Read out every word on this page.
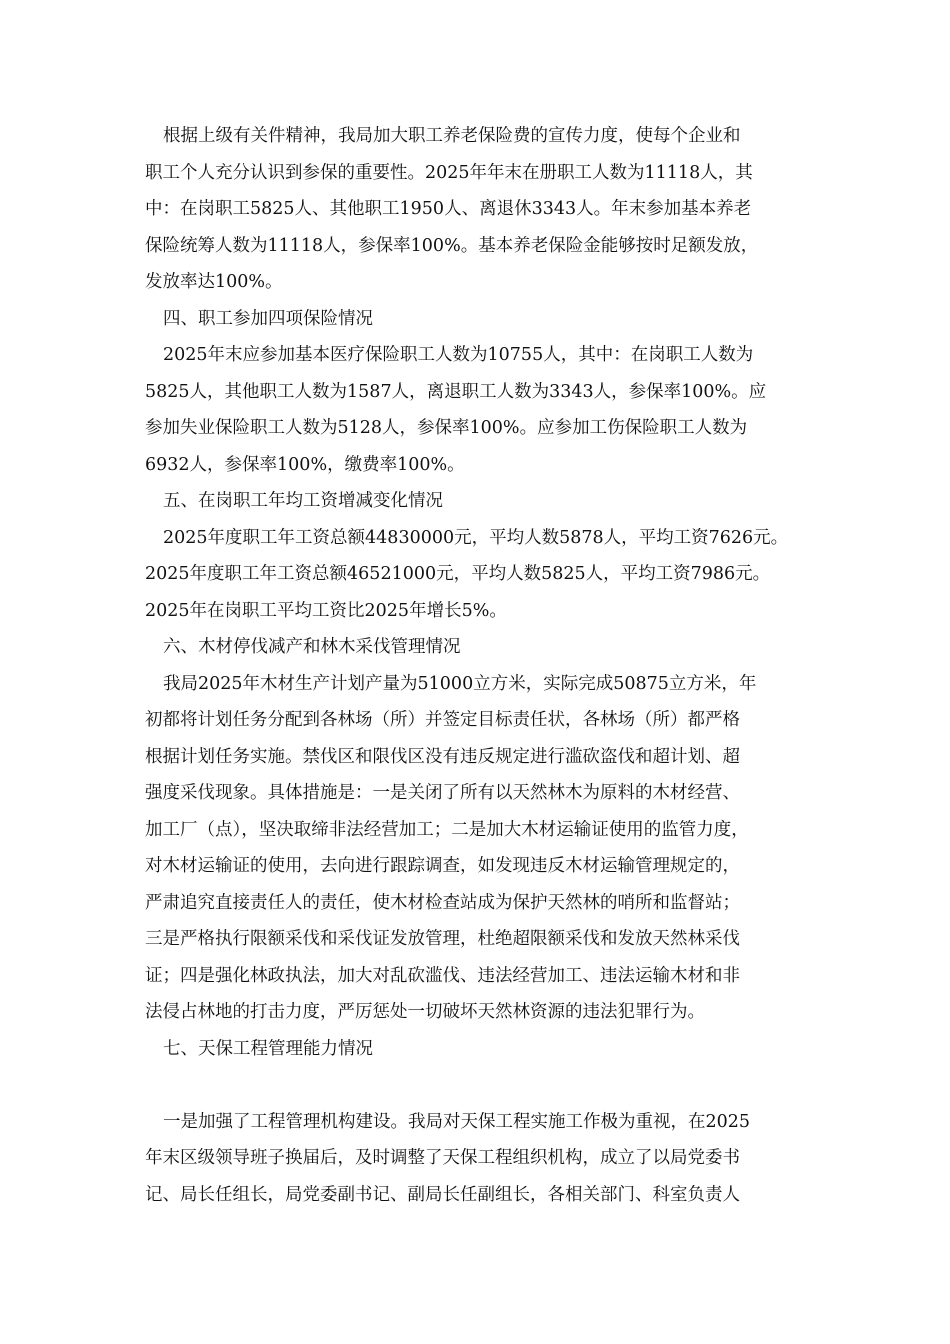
根据上级有关件精神，我局加大职工养老保险费的宣传力度，使每个企业和
职工个人充分认识到参保的重要性。2025年年末在册职工人数为11118人，其
中：在岗职工5825人、其他职工1950人、离退休3343人。年末参加基本养老
保险统筹人数为11118人，参保率100%。基本养老保险金能够按时足额发放，
发放率达100%。
四、职工参加四项保险情况
2025年末应参加基本医疗保险职工人数为10755人，其中：在岗职工人数为
5825人，其他职工人数为1587人，离退职工人数为3343人，参保率100%。应
参加失业保险职工人数为5128人，参保率100%。应参加工伤保险职工人数为
6932人，参保率100%，缴费率100%。
五、在岗职工年均工资增减变化情况
2025年度职工年工资总额44830000元，平均人数5878人，平均工资7626元。
2025年度职工年工资总额46521000元，平均人数5825人，平均工资7986元。
2025年在岗职工平均工资比2025年增长5%。
六、木材停伐减产和林木采伐管理情况
我局2025年木材生产计划产量为51000立方米，实际完成50875立方米，年
初都将计划任务分配到各林场（所）并签定目标责任状，各林场（所）都严格
根据计划任务实施。禁伐区和限伐区没有违反规定进行滥砍盗伐和超计划、超
强度采伐现象。具体措施是：一是关闭了所有以天然林木为原料的木材经营、
加工厂（点），坚决取缔非法经营加工；二是加大木材运输证使用的监管力度，
对木材运输证的使用，去向进行跟踪调查，如发现违反木材运输管理规定的，
严肃追究直接责任人的责任，使木材检查站成为保护天然林的哨所和监督站；
三是严格执行限额采伐和采伐证发放管理，杜绝超限额采伐和发放天然林采伐
证；四是强化林政执法，加大对乱砍滥伐、违法经营加工、违法运输木材和非
法侵占林地的打击力度，严厉惩处一切破坏天然林资源的违法犯罪行为。
七、天保工程管理能力情况
一是加强了工程管理机构建设。我局对天保工程实施工作极为重视，在2025
年末区级领导班子换届后，及时调整了天保工程组织机构，成立了以局党委书
记、局长任组长，局党委副书记、副局长任副组长，各相关部门、科室负责人
